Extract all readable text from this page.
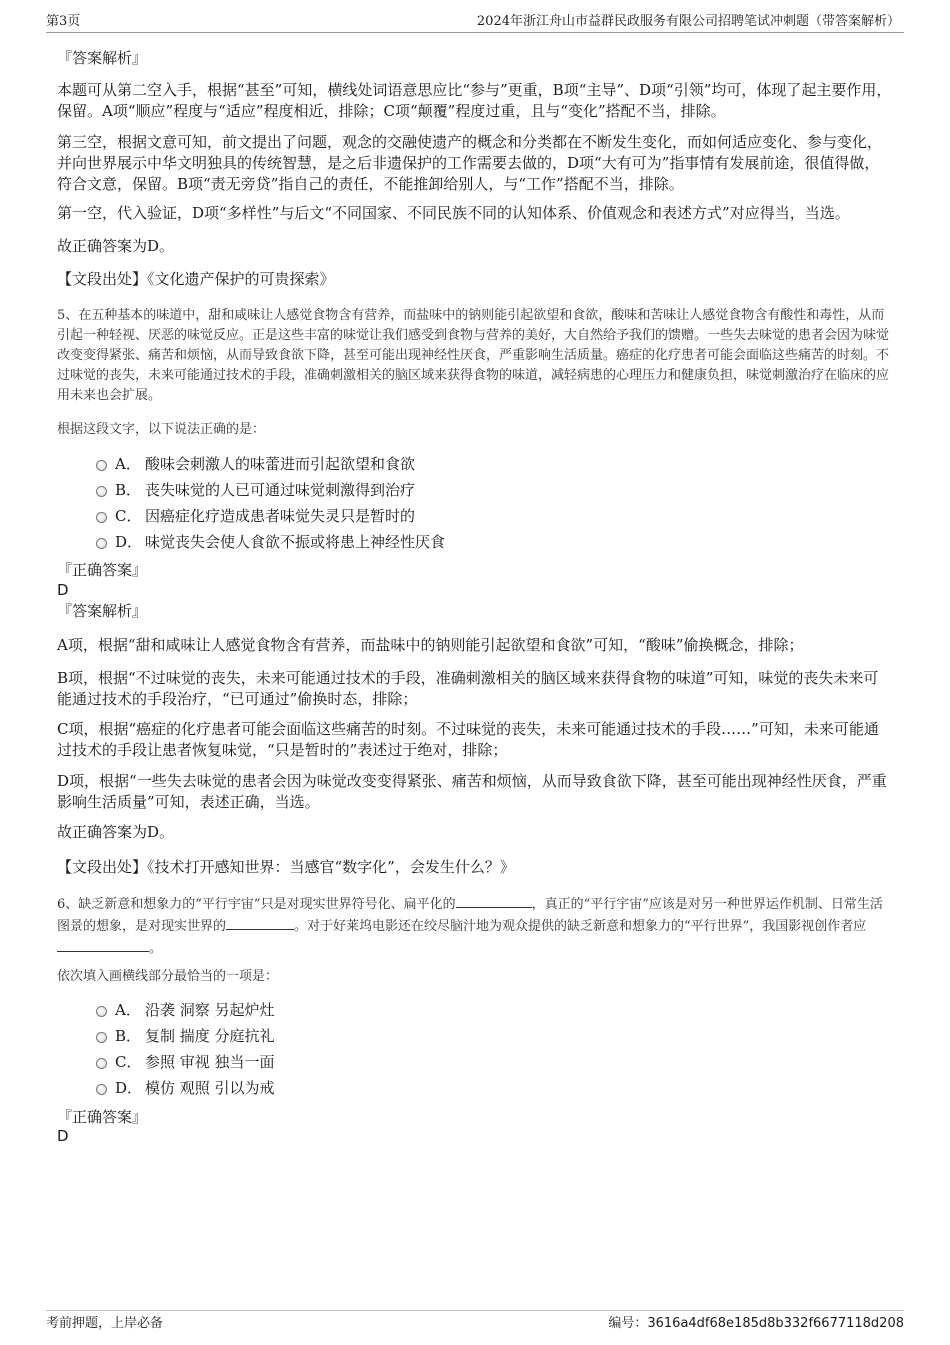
第3页	2024年浙江舟山市益群民政服务有限公司招聘笔试冲刺题（带答案解析）

『答案解析』

本题可从第二空入手，根据“甚至”可知，横线处词语意思应比“参与”更重，B项“主导”、D项“引领”均可，体现了起主要作用，保留。A项“顺应”程度与“适应”程度相近，排除；C项“颠覆”程度过重，且与“变化”搭配不当，排除。

第三空，根据文意可知，前文提出了问题，观念的交融使遗产的概念和分类都在不断发生变化，而如何适应变化、参与变化，并向世界展示中华文明独具的传统智慧，是之后非遗保护的工作需要去做的，D项“大有可为”指事情有发展前途，很值得做，符合文意，保留。B项“责无旁贷”指自己的责任，不能推卸给别人，与“工作”搭配不当，排除。

第一空，代入验证，D项“多样性”与后文“不同国家、不同民族不同的认知体系、价值观念和表述方式”对应得当，当选。

故正确答案为D。

【文段出处】《文化遗产保护的可贵探索》

5、在五种基本的味道中，甜和咸味让人感觉食物含有营养，而盐味中的钠则能引起欲望和食欲，酸味和苦味让人感觉食物含有酸性和毒性，从而引起一种轻视、厌恶的味觉反应。正是这些丰富的味觉让我们感受到食物与营养的美好，大自然给予我们的馈赠。一些失去味觉的患者会因为味觉改变变得紧张、痛苦和烦恼，从而导致食欲下降，甚至可能出现神经性厌食，严重影响生活质量。癌症的化疗患者可能会面临这些痛苦的时刻。不过味觉的丧失，未来可能通过技术的手段，准确刺激相关的脑区域来获得食物的味道，减轻病患的心理压力和健康负担，味觉刺激治疗在临床的应用未来也会扩展。

根据这段文字，以下说法正确的是：

A． 酸味会刺激人的味蕾进而引起欲望和食欲
B． 丧失味觉的人已可通过味觉刺激得到治疗
C． 因癌症化疗造成患者味觉失灵只是暂时的
D． 味觉丧失会使人食欲不振或将患上神经性厌食

『正确答案』

D

『答案解析』

A项，根据“甜和咸味让人感觉食物含有营养，而盐味中的钠则能引起欲望和食欲”可知，“酸味”偷换概念，排除；

B项，根据“不过味觉的丧失，未来可能通过技术的手段，准确刺激相关的脑区域来获得食物的味道”可知，味觉的丧失未来可能通过技术的手段治疗，“已可通过”偷换时态，排除；

C项，根据“癌症的化疗患者可能会面临这些痛苦的时刻。不过味觉的丧失，未来可能通过技术的手段……”可知，未来可能通过技术的手段让患者恢复味觉，“只是暂时的”表述过于绝对，排除；

D项，根据“一些失去味觉的患者会因为味觉改变变得紧张、痛苦和烦恼，从而导致食欲下降，甚至可能出现神经性厌食，严重影响生活质量”可知，表述正确，当选。

故正确答案为D。

【文段出处】《技术打开感知世界：当感官“数字化”，会发生什么？》

6、缺乏新意和想象力的“平行宇宙”只是对现实世界符号化、扁平化的	，真正的“平行宇宙”应该是对另一种世界运作机制、日常生活图景的想象，是对现实世界的	。对于好莱坞电影还在绞尽脑汁地为观众提供的缺乏新意和想象力的“平行世界”，我国影视创作者应
。

依次填入画横线部分最恰当的一项是：

A． 沿袭 洞察 另起炉灶
B． 复制 揣度 分庭抗礼
C． 参照 审视 独当一面
D． 模仿 观照 引以为戒

『正确答案』

D

考前押题，上岸必备	编号：3616a4df68e185d8b332f6677118d208
